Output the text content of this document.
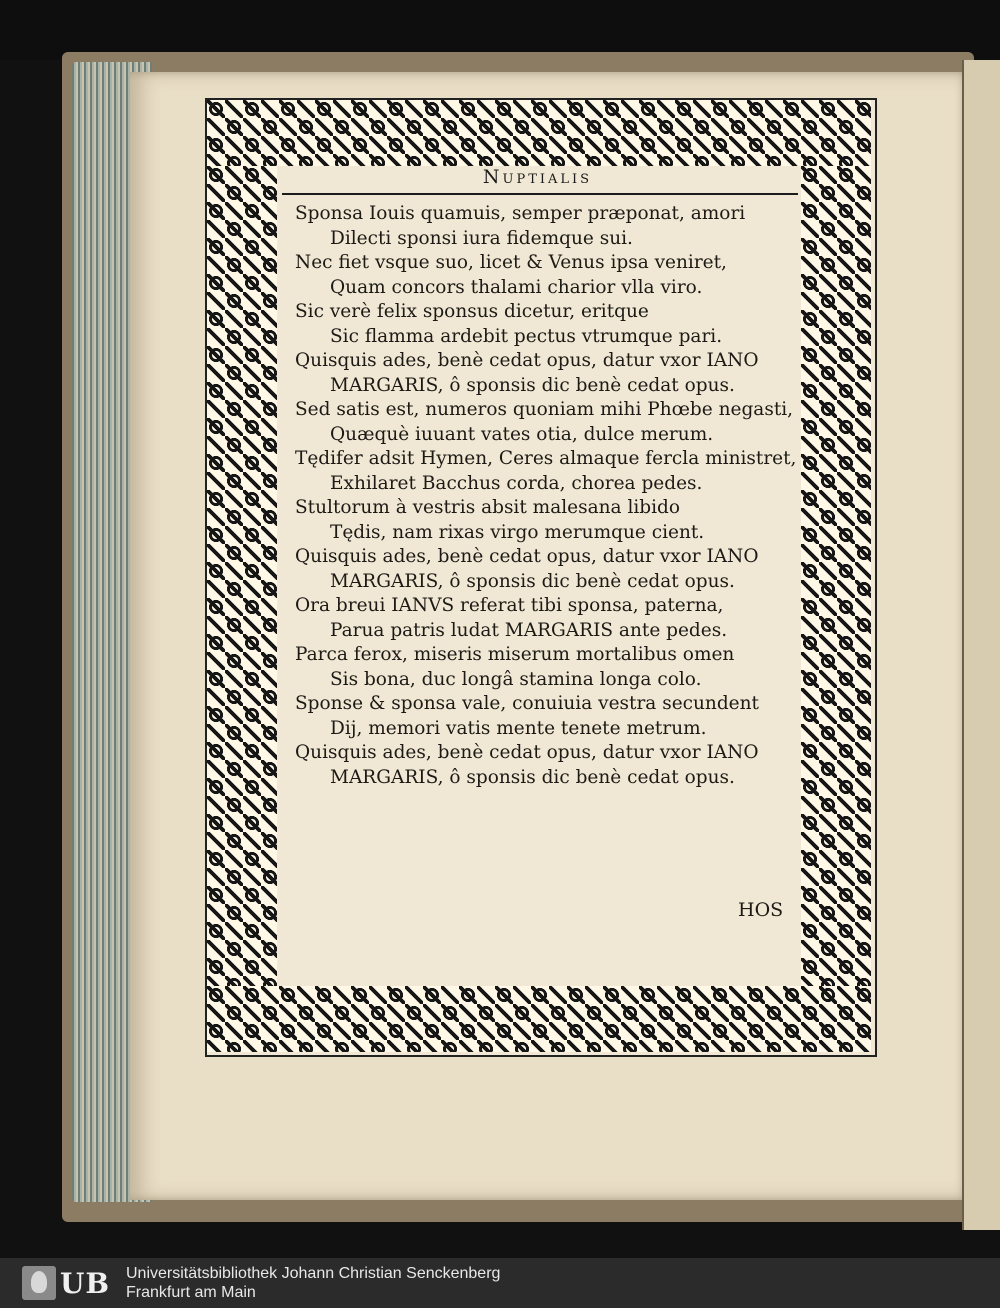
Nuptialis
Sponsa Iouis quamuis, semper præponat, amori
Dilecti sponsi iura fidemque sui.
Nec fiet vsque suo, licet & Venus ipsa veniret,
Quam concors thalami charior vlla viro.
Sic verè felix sponsus dicetur, eritque
Sic flamma ardebit pectus vtrumque pari.
Quisquis ades, benè cedat opus, datur vxor IANO
MARGARIS, ô sponsis dic benè cedat opus.
Sed satis est, numeros quoniam mihi Phœbe negasti,
Quæquè iuuant vates otia, dulce merum.
Tędifer adsit Hymen, Ceres almaque fercla ministret,
Exhilaret Bacchus corda, chorea pedes.
Stultorum à vestris absit malesana libido
Tędis, nam rixas virgo merumque cient.
Quisquis ades, benè cedat opus, datur vxor IANO
MARGARIS, ô sponsis dic benè cedat opus.
Ora breui IANVS referat tibi sponsa, paterna,
Parua patris ludat MARGARIS ante pedes.
Parca ferox, miseris miserum mortalibus omen
Sis bona, duc longâ stamina longa colo.
Sponse & sponsa vale, conuiuia vestra secundent
Dij, memori vatis mente tenete metrum.
Quisquis ades, benè cedat opus, datur vxor IANO
MARGARIS, ô sponsis dic benè cedat opus.
HOS
UB Universitätsbibliothek Johann Christian Senckenberg
Frankfurt am Main
